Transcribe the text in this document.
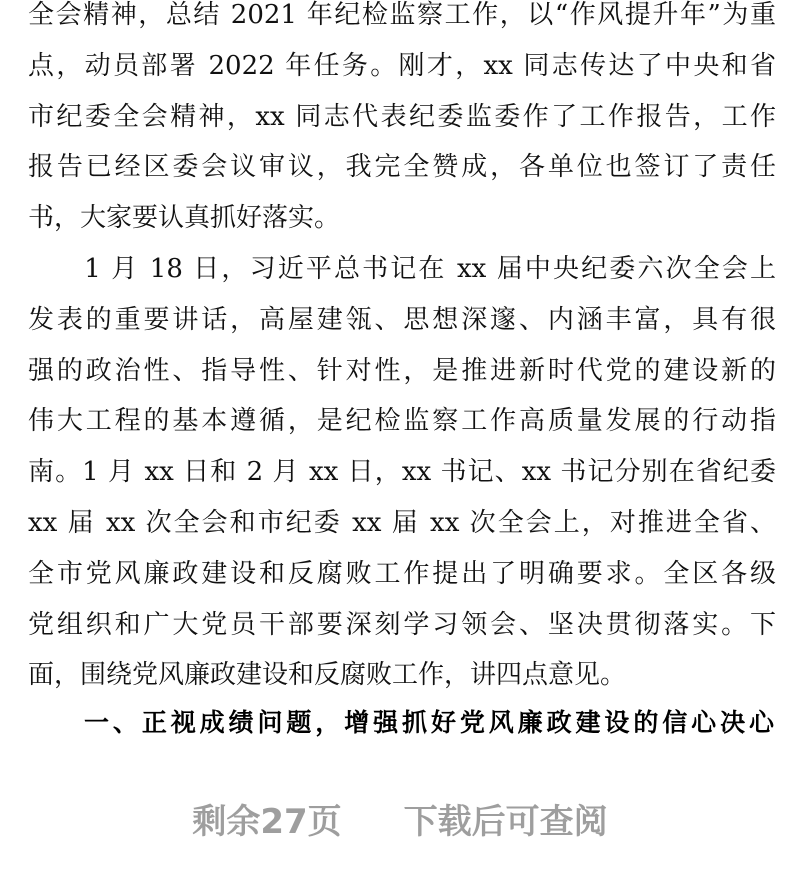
全会精神，总结 2021 年纪检监察工作，以“作风提升年”为重
点，动员部署 2022 年任务。刚才，xx 同志传达了中央和省
市纪委全会精神，xx 同志代表纪委监委作了工作报告，工作
报告已经区委会议审议，我完全赞成，各单位也签订了责任
书，大家要认真抓好落实。
　　1 月 18 日，习近平总书记在 xx 届中央纪委六次全会上
发表的重要讲话，高屋建瓴、思想深邃、内涵丰富，具有很
强的政治性、指导性、针对性，是推进新时代党的建设新的
伟大工程的基本遵循，是纪检监察工作高质量发展的行动指
南。1 月 xx 日和 2 月 xx 日，xx 书记、xx 书记分别在省纪委
xx 届 xx 次全会和市纪委 xx 届 xx 次全会上，对推进全省、
全市党风廉政建设和反腐败工作提出了明确要求。全区各级
党组织和广大党员干部要深刻学习领会、坚决贯彻落实。下
面，围绕党风廉政建设和反腐败工作，讲四点意见。
一、正视成绩问题，增强抓好党风廉政建设的信心决心
剩余27页 下载后可查阅
